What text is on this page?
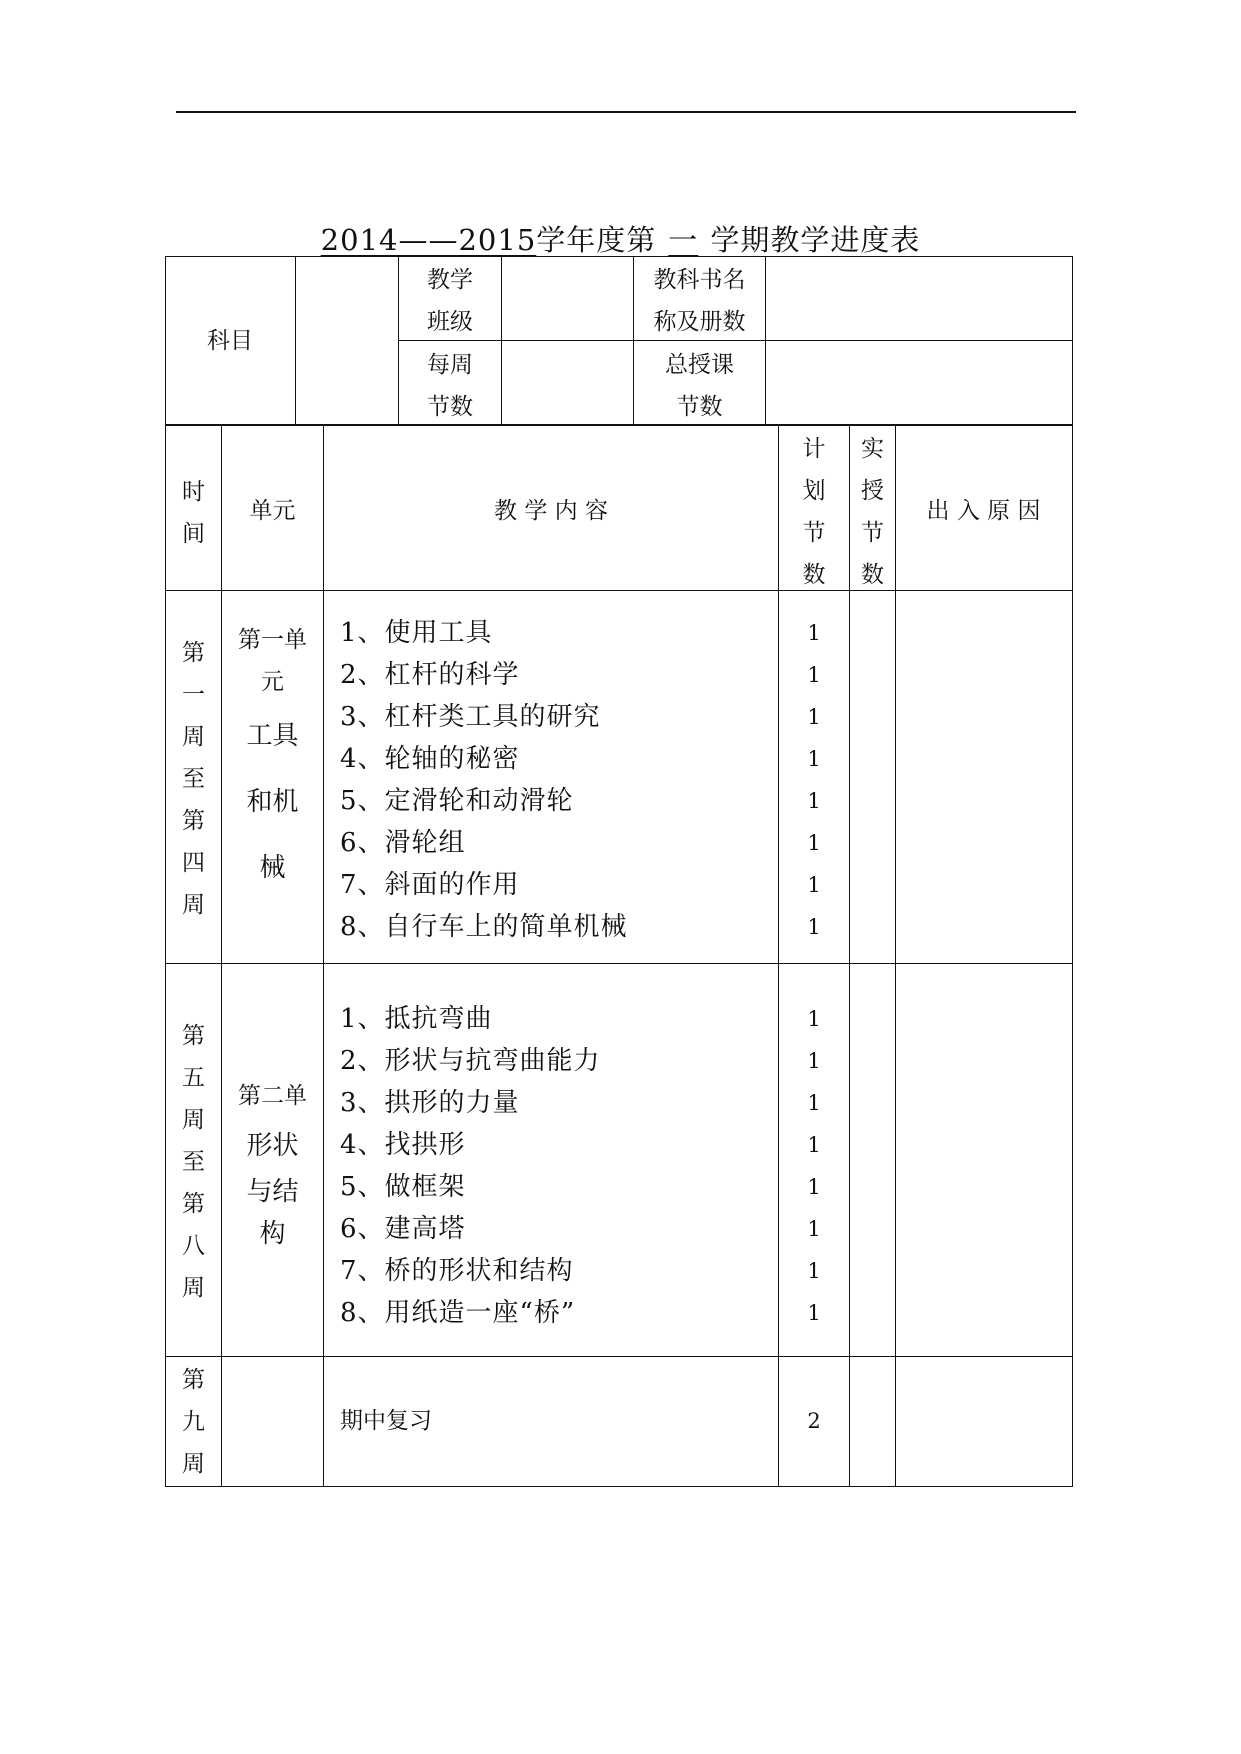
2014——2015学年度第 一 学期教学进度表
科目
教学
班级
教科书名
称及册数
每周
节数
总授课
节数
时
间
单元	教 学 内 容
计
划
节
数
实
授
节
数
出 入 原 因
第
一
周
至
第
四
周
第一单
元
工具
和机
械
1、使用工具
2、杠杆的科学
3、杠杆类工具的研究
4、轮轴的秘密
5、定滑轮和动滑轮
6、滑轮组
7、斜面的作用
8、自行车上的简单机械
1
1
1
1
1
1
1
1
第
五
周
至
第
八
周
第二单
形状
与结
构
1、抵抗弯曲
2、形状与抗弯曲能力
3、拱形的力量
4、找拱形
5、做框架
6、建高塔
7、桥的形状和结构
8、用纸造一座“桥”
1
1
1
1
1
1
1
1
第
九
周
期中复习	2
